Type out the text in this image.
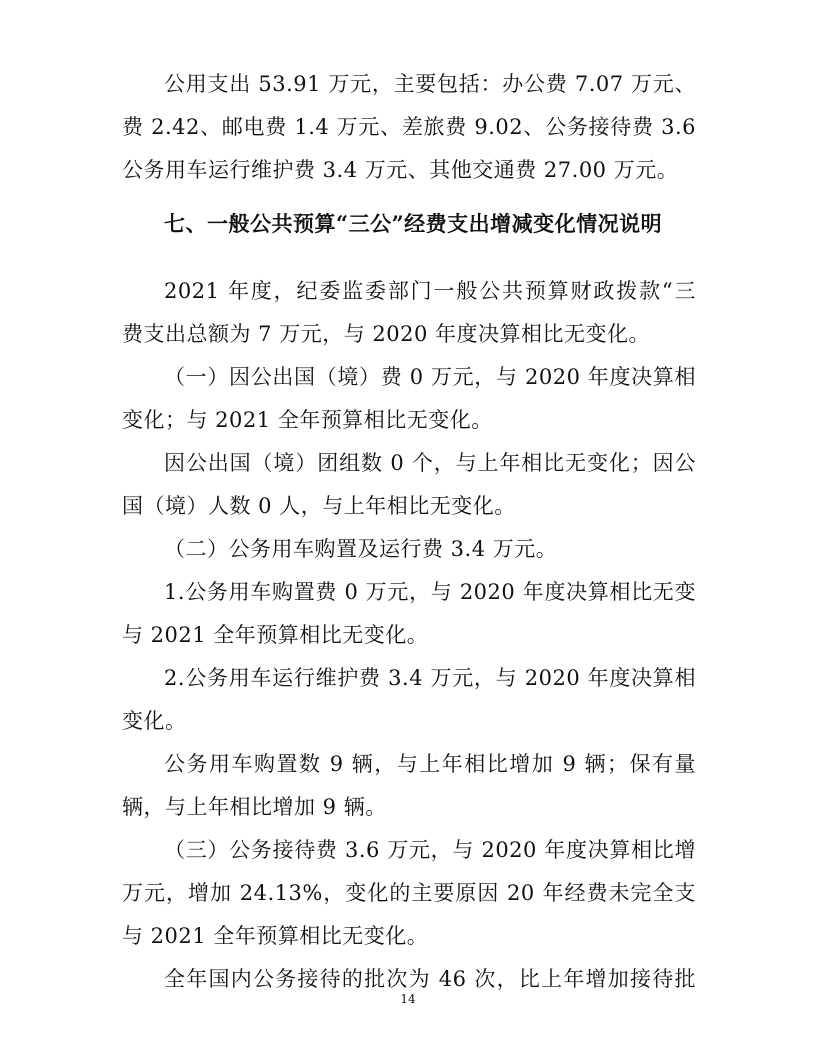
公用支出 53.91 万元，主要包括：办公费 7.07 万元、
费 2.42、邮电费 1.4 万元、差旅费 9.02、公务接待费 3.6
公务用车运行维护费 3.4 万元、其他交通费 27.00 万元。
七、一般公共预算“三公”经费支出增减变化情况说明
2021 年度，纪委监委部门一般公共预算财政拨款“三
费支出总额为 7 万元，与 2020 年度决算相比无变化。
（一）因公出国（境）费 0 万元，与 2020 年度决算相
变化；与 2021 全年预算相比无变化。
因公出国（境）团组数 0 个，与上年相比无变化；因公
国（境）人数 0 人，与上年相比无变化。
（二）公务用车购置及运行费 3.4 万元。
1.公务用车购置费 0 万元，与 2020 年度决算相比无变
与 2021 全年预算相比无变化。
2.公务用车运行维护费 3.4 万元，与 2020 年度决算相
变化。
公务用车购置数 9 辆，与上年相比增加 9 辆；保有量
辆，与上年相比增加 9 辆。
（三）公务接待费 3.6 万元，与 2020 年度决算相比增
万元，增加 24.13%，变化的主要原因 20 年经费未完全支
与 2021 全年预算相比无变化。
全年国内公务接待的批次为 46 次，比上年增加接待批
14
